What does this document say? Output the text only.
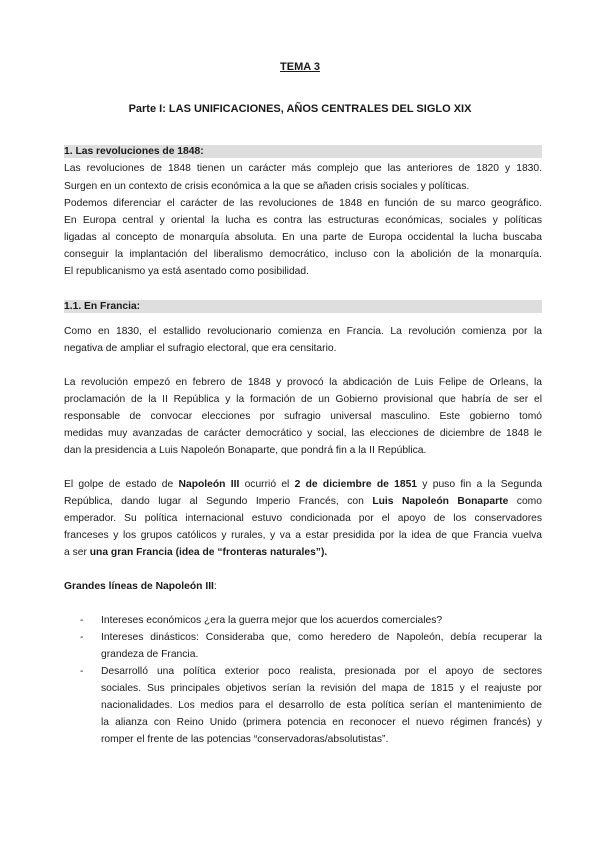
TEMA 3
Parte I: LAS UNIFICACIONES, AÑOS CENTRALES DEL SIGLO XIX
1. Las revoluciones de 1848:
Las revoluciones de 1848 tienen un carácter más complejo que las anteriores de 1820 y 1830.
Surgen en un contexto de crisis económica a la que se añaden crisis sociales y políticas.
Podemos diferenciar el carácter de las revoluciones de 1848 en función de su marco geográfico.
En Europa central y oriental la lucha es contra las estructuras económicas, sociales y políticas
ligadas al concepto de monarquía absoluta. En una parte de Europa occidental la lucha buscaba
conseguir la implantación del liberalismo democrático, incluso con la abolición de la monarquía.
El republicanismo ya está asentado como posibilidad.
1.1. En Francia:
Como en 1830, el estallido revolucionario comienza en Francia. La revolución comienza por la
negativa de ampliar el sufragio electoral, que era censitario.
La revolución empezó en febrero de 1848 y provocó la abdicación de Luis Felipe de Orleans, la
proclamación de la II República y la formación de un Gobierno provisional que habría de ser el
responsable de convocar elecciones por sufragio universal masculino. Este gobierno tomó
medidas muy avanzadas de carácter democrático y social, las elecciones de diciembre de 1848 le
dan la presidencia a Luis Napoleón Bonaparte, que pondrá fin a la II República.
El golpe de estado de Napoleón III ocurrió el 2 de diciembre de 1851 y puso fin a la Segunda
República, dando lugar al Segundo Imperio Francés, con Luis Napoleón Bonaparte como
emperador. Su política internacional estuvo condicionada por el apoyo de los conservadores
franceses y los grupos católicos y rurales, y va a estar presidida por la idea de que Francia vuelva
a ser una gran Francia (idea de “fronteras naturales”).
Grandes líneas de Napoleón III:
- Intereses económicos ¿era la guerra mejor que los acuerdos comerciales?
- Intereses dinásticos: Consideraba que, como heredero de Napoleón, debía recuperar la
grandeza de Francia.
- Desarrolló una política exterior poco realista, presionada por el apoyo de sectores
sociales. Sus principales objetivos serían la revisión del mapa de 1815 y el reajuste por
nacionalidades. Los medios para el desarrollo de esta política serían el mantenimiento de
la alianza con Reino Unido (primera potencia en reconocer el nuevo régimen francés) y
romper el frente de las potencias “conservadoras/absolutistas”.
